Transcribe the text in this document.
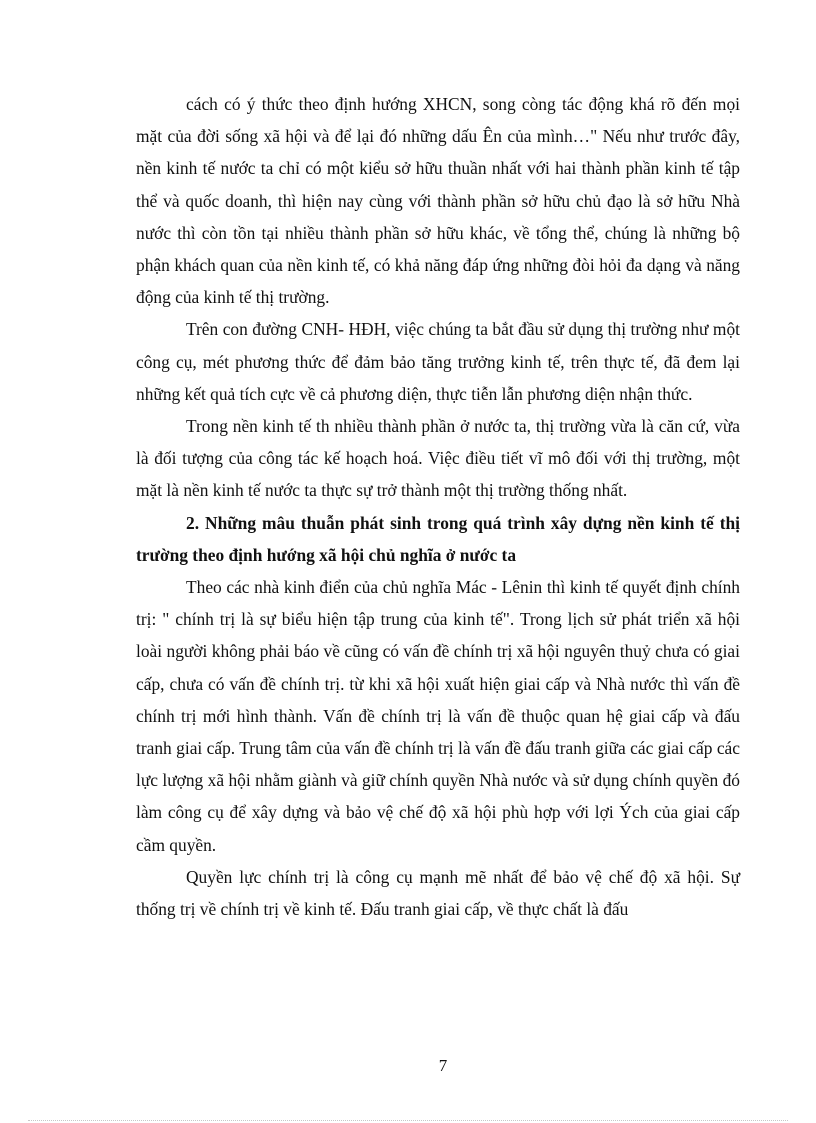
cách có ý thức theo định hướng XHCN, song còng tác động khá rõ đến mọi mặt của đời sống xã hội và để lại đó những dấu Ên của mình…" Nếu như trước đây, nền kinh tế nước ta chỉ có một kiểu sở hữu thuần nhất với hai thành phần kinh tế tập thể và quốc doanh, thì hiện nay cùng với thành phần sở hữu chủ đạo là sở hữu Nhà nước thì còn tồn tại nhiều thành phần sở hữu khác, về tổng thể, chúng là những bộ phận khách quan của nền kinh tế, có khả năng đáp ứng những đòi hỏi đa dạng và năng động của kinh tế thị trường.

Trên con đường CNH- HĐH, việc chúng ta bắt đầu sử dụng thị trường như một công cụ, mét phương thức để đảm bảo tăng trưởng kinh tế, trên thực tế, đã đem lại những kết quả tích cực về cả phương diện, thực tiễn lẫn phương diện nhận thức.

Trong nền kinh tế th nhiều thành phần ở nước ta, thị trường vừa là căn cứ, vừa là đối tượng của công tác kế hoạch hoá. Việc điều tiết vĩ mô đối với thị trường, một mặt là nền kinh tế nước ta thực sự trở thành một thị trường thống nhất.

2. Những mâu thuẫn phát sinh trong quá trình xây dựng nền kinh tế thị trường theo định hướng xã hội chủ nghĩa ở nước ta

Theo các nhà kinh điển của chủ nghĩa Mác - Lênin thì kinh tế quyết định chính trị: " chính trị là sự biểu hiện tập trung của kinh tế". Trong lịch sử phát triển xã hội loài người không phải báo về cũng có vấn đề chính trị xã hội nguyên thuỷ chưa có giai cấp, chưa có vấn đề chính trị. từ khi xã hội xuất hiện giai cấp và Nhà nước thì vấn đề chính trị mới hình thành. Vấn đề chính trị là vấn đề thuộc quan hệ giai cấp và đấu tranh giai cấp. Trung tâm của vấn đề chính trị là vấn đề đấu tranh giữa các giai cấp các lực lượng xã hội nhằm giành và giữ chính quyền Nhà nước và sử dụng chính quyền đó làm công cụ để xây dựng và bảo vệ chế độ xã hội phù hợp với lợi Ých của giai cấp cầm quyền.

Quyền lực chính trị là công cụ mạnh mẽ nhất để bảo vệ chế độ xã hội. Sự thống trị về chính trị về kinh tế. Đấu tranh giai cấp, về thực chất là đấu

7
